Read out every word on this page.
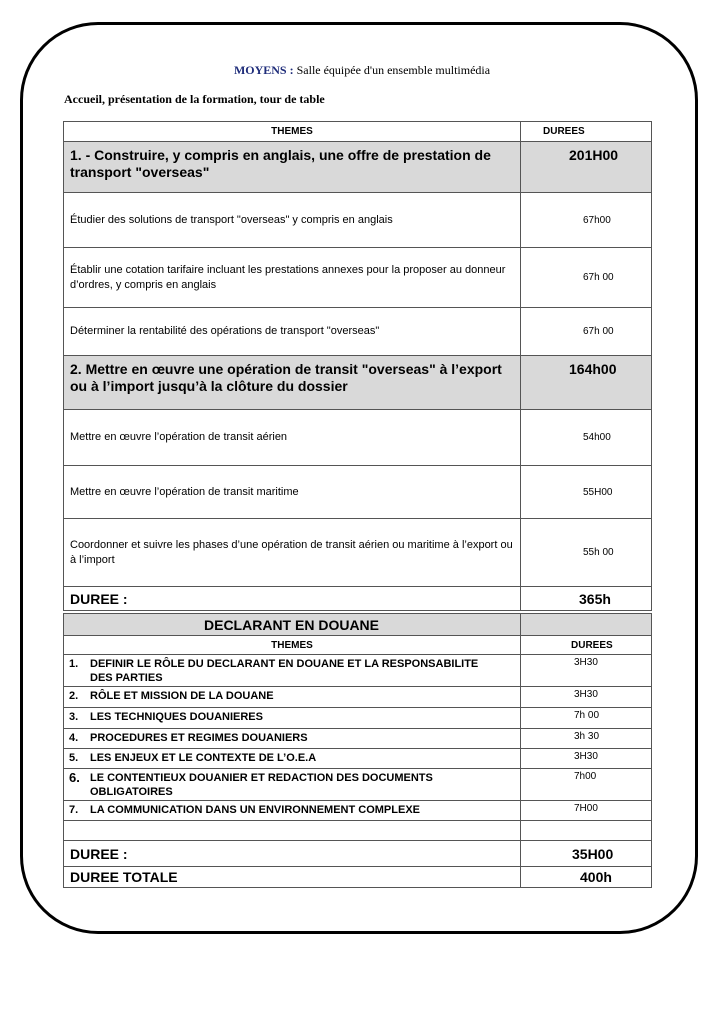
MOYENS : Salle équipée d'un ensemble multimédia
Accueil, présentation de la formation, tour de table
THEMES	DUREES
1. - Construire, y compris en anglais, une offre de prestation de transport "overseas"	201H00
Étudier des solutions de transport "overseas" y compris en anglais	67h00
Établir une cotation tarifaire incluant les prestations annexes pour la proposer au donneur d’ordres, y compris en anglais	67h 00
Déterminer la rentabilité des opérations de transport "overseas"	67h 00
2. Mettre en œuvre une opération de transit "overseas" à l’export ou à l’import jusqu’à la clôture du dossier	164h00
Mettre en œuvre l’opération de transit aérien	54h00
Mettre en œuvre l’opération de transit maritime	55H00
Coordonner et suivre les phases d’une opération de transit aérien ou maritime à l’export ou à l’import	55h 00
DUREE :	365h
DECLARANT EN DOUANE	
THEMES	DUREES
1. DEFINIR LE RÔLE DU DECLARANT EN DOUANE ET LA RESPONSABILITE DES PARTIES	3H30
2. RÔLE ET MISSION DE LA DOUANE	3H30
3. LES TECHNIQUES DOUANIERES	7h 00
4. PROCEDURES ET REGIMES DOUANIERS	3h 30
5. LES ENJEUX ET LE CONTEXTE DE L’O.E.A	3H30
6. LE CONTENTIEUX DOUANIER ET REDACTION DES DOCUMENTS OBLIGATOIRES	7h00
7. LA COMMUNICATION DANS UN ENVIRONNEMENT COMPLEXE	7H00

DUREE :	35H00
DUREE TOTALE	400h
